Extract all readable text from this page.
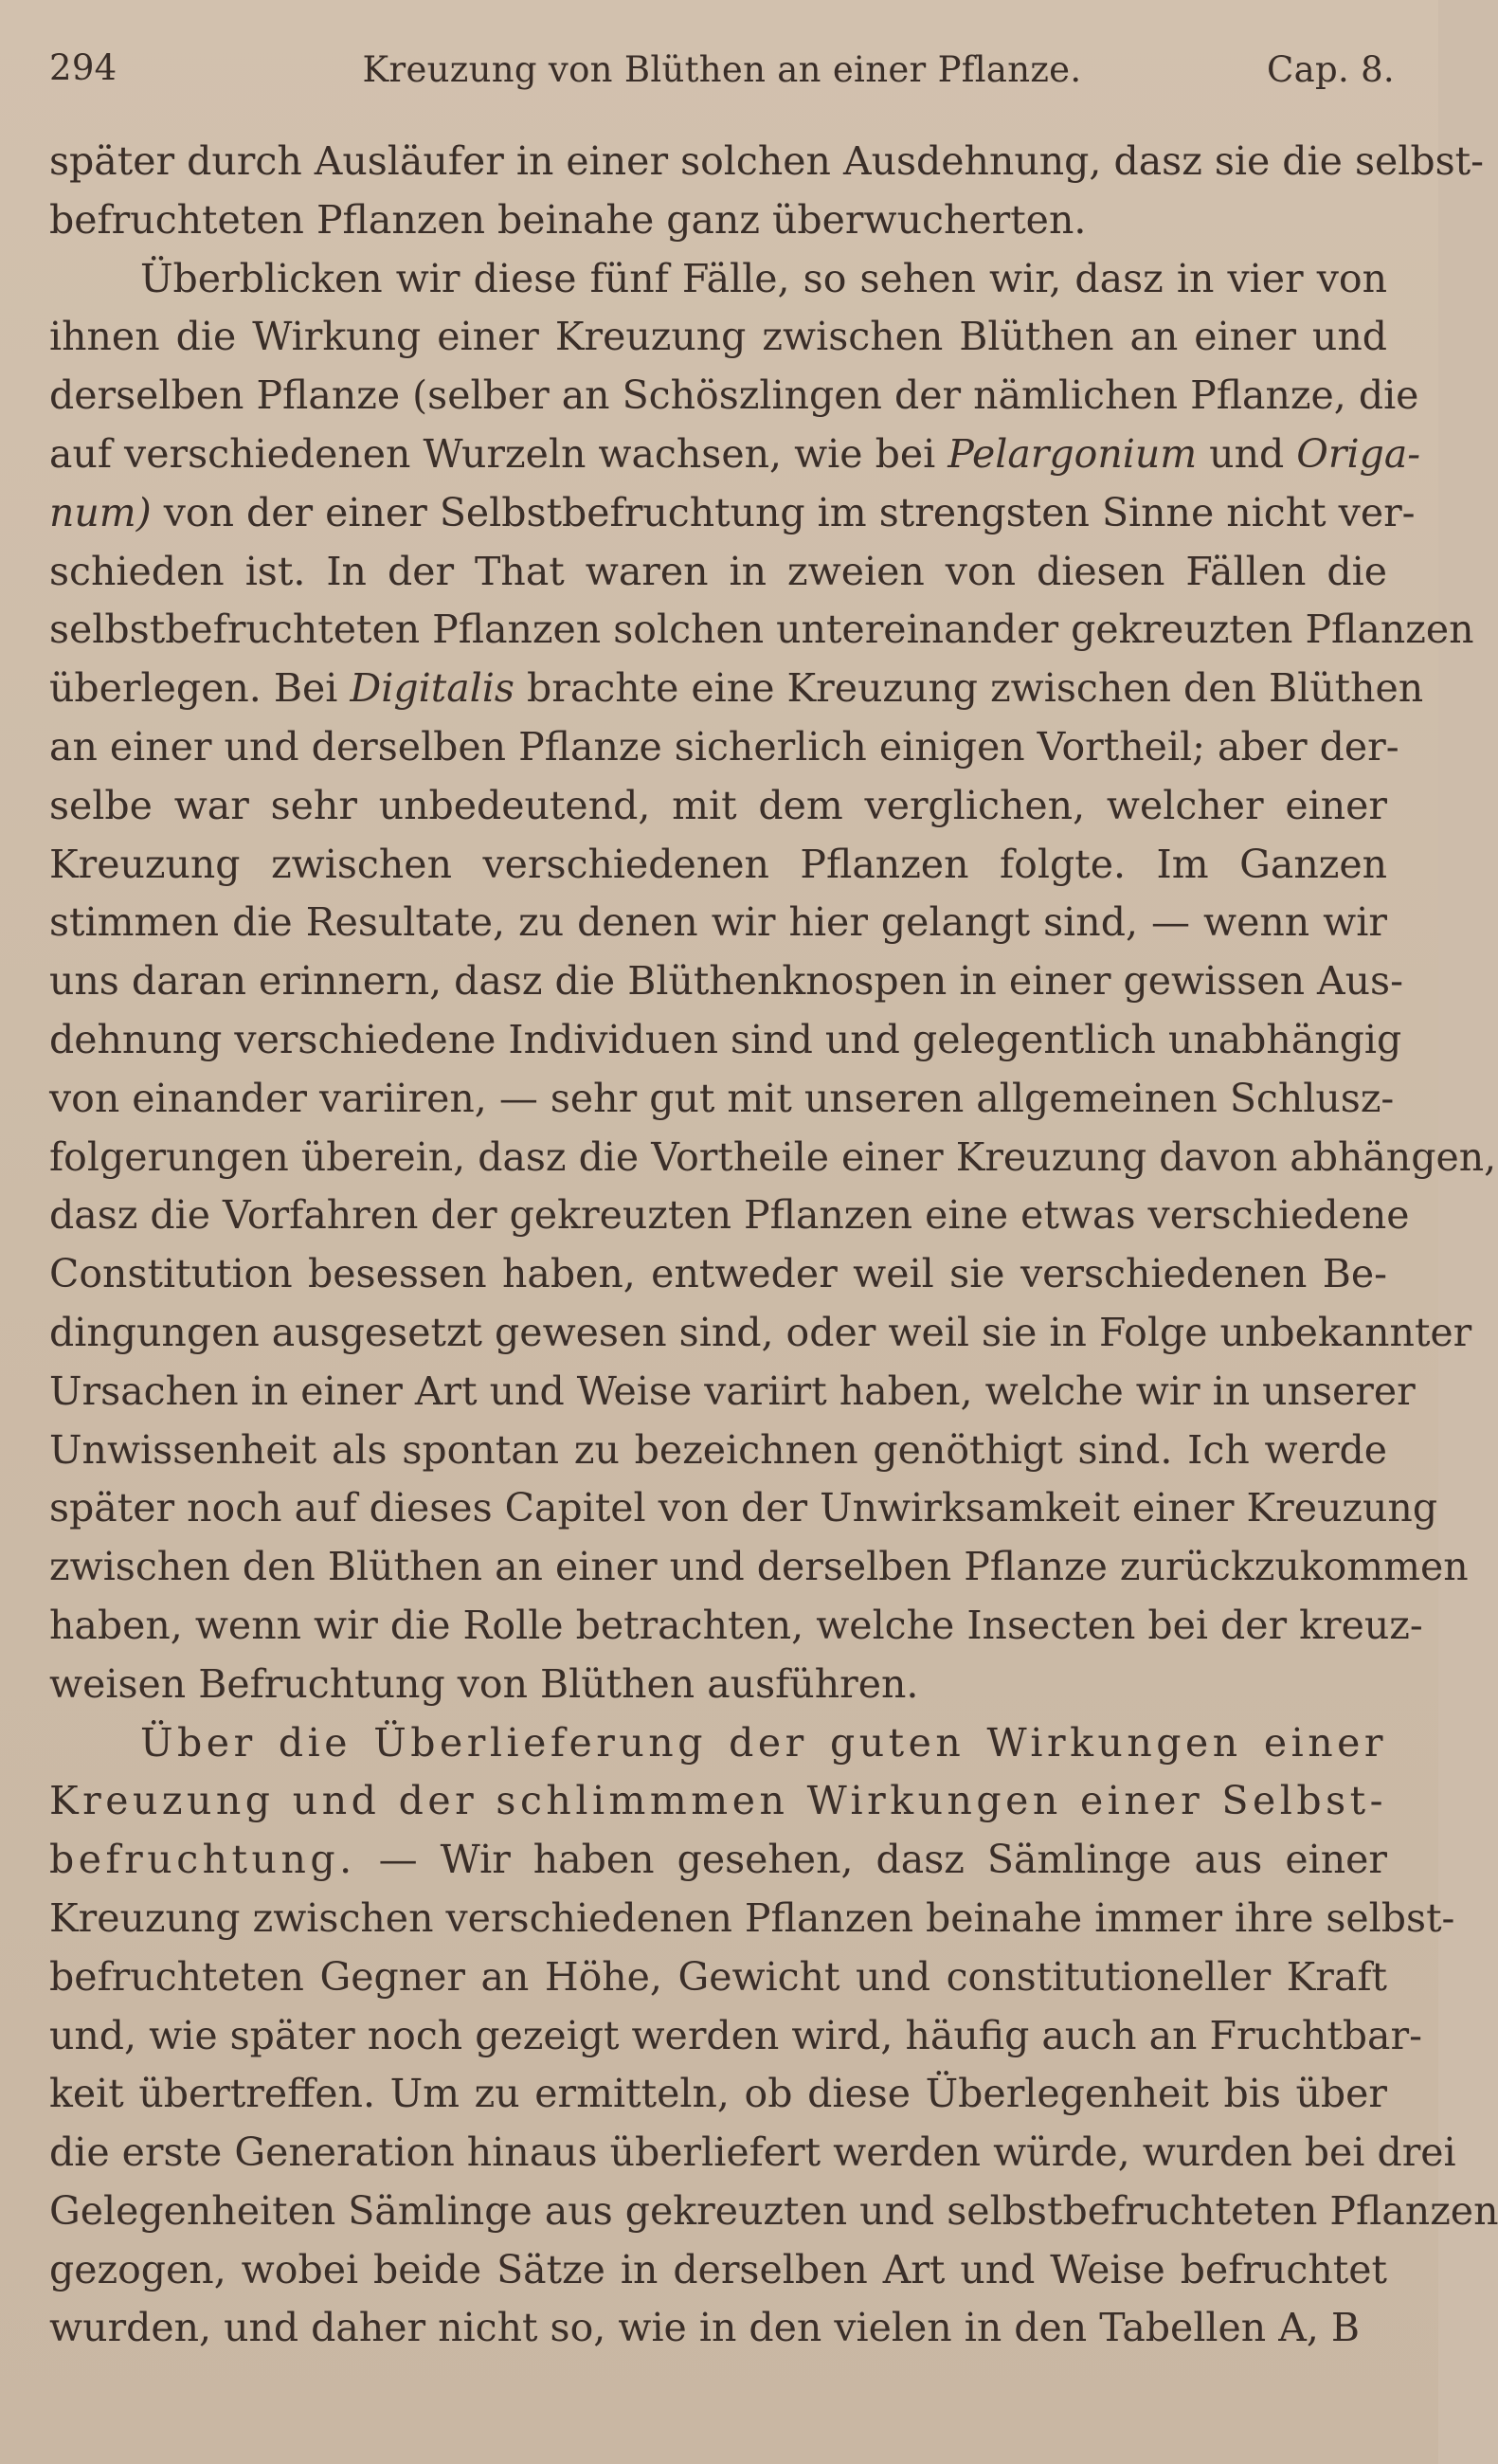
294	Kreuzung von Blüthen an einer Pflanze.	Cap. 8.
später durch Ausläufer in einer solchen Ausdehnung, dasz sie die selbst-
befruchteten Pflanzen beinahe ganz überwucherten.
Überblicken wir diese fünf Fälle, so sehen wir, dasz in vier von
ihnen die Wirkung einer Kreuzung zwischen Blüthen an einer und
derselben Pflanze (selber an Schöszlingen der nämlichen Pflanze, die
auf verschiedenen Wurzeln wachsen, wie bei Pelargonium und Origa-
num) von der einer Selbstbefruchtung im strengsten Sinne nicht ver-
schieden ist. In der That waren in zweien von diesen Fällen die
selbstbefruchteten Pflanzen solchen untereinander gekreuzten Pflanzen
überlegen. Bei Digitalis brachte eine Kreuzung zwischen den Blüthen
an einer und derselben Pflanze sicherlich einigen Vortheil; aber der-
selbe war sehr unbedeutend, mit dem verglichen, welcher einer
Kreuzung zwischen verschiedenen Pflanzen folgte. Im Ganzen
stimmen die Resultate, zu denen wir hier gelangt sind, — wenn wir
uns daran erinnern, dasz die Blüthenknospen in einer gewissen Aus-
dehnung verschiedene Individuen sind und gelegentlich unabhängig
von einander variiren, — sehr gut mit unseren allgemeinen Schlusz-
folgerungen überein, dasz die Vortheile einer Kreuzung davon abhängen,
dasz die Vorfahren der gekreuzten Pflanzen eine etwas verschiedene
Constitution besessen haben, entweder weil sie verschiedenen Be-
dingungen ausgesetzt gewesen sind, oder weil sie in Folge unbekannter
Ursachen in einer Art und Weise variirt haben, welche wir in unserer
Unwissenheit als spontan zu bezeichnen genöthigt sind. Ich werde
später noch auf dieses Capitel von der Unwirksamkeit einer Kreuzung
zwischen den Blüthen an einer und derselben Pflanze zurückzukommen
haben, wenn wir die Rolle betrachten, welche Insecten bei der kreuz-
weisen Befruchtung von Blüthen ausführen.
Über die Überlieferung der guten Wirkungen einer
Kreuzung und der schlimmmen Wirkungen einer Selbst-
befruchtung. — Wir haben gesehen, dasz Sämlinge aus einer
Kreuzung zwischen verschiedenen Pflanzen beinahe immer ihre selbst-
befruchteten Gegner an Höhe, Gewicht und constitutioneller Kraft
und, wie später noch gezeigt werden wird, häufig auch an Fruchtbar-
keit übertreffen. Um zu ermitteln, ob diese Überlegenheit bis über
die erste Generation hinaus überliefert werden würde, wurden bei drei
Gelegenheiten Sämlinge aus gekreuzten und selbstbefruchteten Pflanzen
gezogen, wobei beide Sätze in derselben Art und Weise befruchtet
wurden, und daher nicht so, wie in den vielen in den Tabellen A, B
